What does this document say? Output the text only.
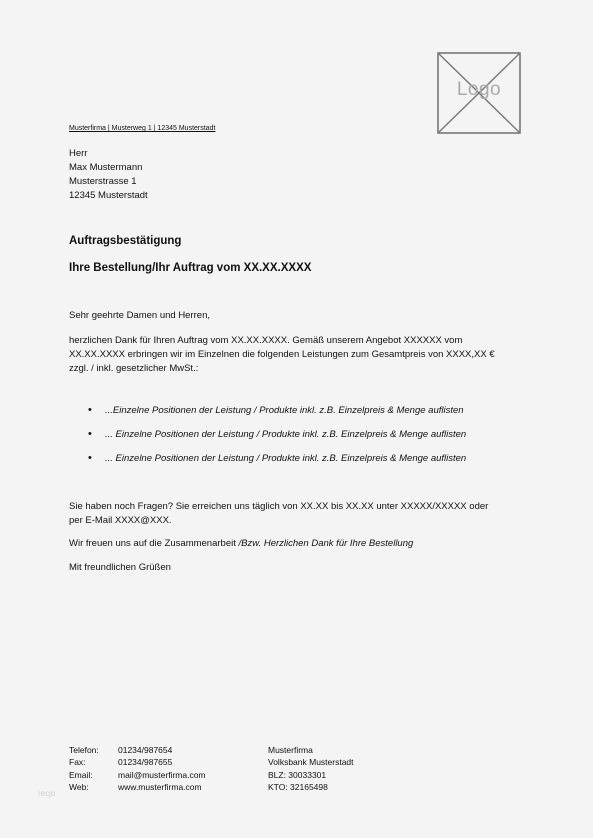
Logo
Musterfirma | Musterweg 1 | 12345 Musterstadt
Herr
Max Mustermann
Musterstrasse 1
12345 Musterstadt
Auftragsbestätigung
Ihre Bestellung/Ihr Auftrag vom XX.XX.XXXX
Sehr geehrte Damen und Herren,
herzlichen Dank für Ihren Auftrag vom XX.XX.XXXX. Gemäß unserem Angebot XXXXXX vom
XX.XX.XXXX erbringen wir im Einzelnen die folgenden Leistungen zum Gesamtpreis von XXXX,XX €
zzgl. / inkl. gesetzlicher MwSt.:
• ...Einzelne Positionen der Leistung / Produkte inkl. z.B. Einzelpreis & Menge auflisten
• ... Einzelne Positionen der Leistung / Produkte inkl. z.B. Einzelpreis & Menge auflisten
• ... Einzelne Positionen der Leistung / Produkte inkl. z.B. Einzelpreis & Menge auflisten
Sie haben noch Fragen? Sie erreichen uns täglich von XX.XX bis XX.XX unter XXXXX/XXXXX oder
per E-Mail XXXX@XXX.
Wir freuen uns auf die Zusammenarbeit /Bzw. Herzlichen Dank für Ihre Bestellung
Mit freundlichen Grüßen
Telefon:
Fax:
Email:
Web:
01234/987654
01234/987655
mail@musterfirma.com
www.musterfirma.com
Musterfirma
Volksbank Musterstadt
BLZ: 30033301
KTO: 32165498
recjo
